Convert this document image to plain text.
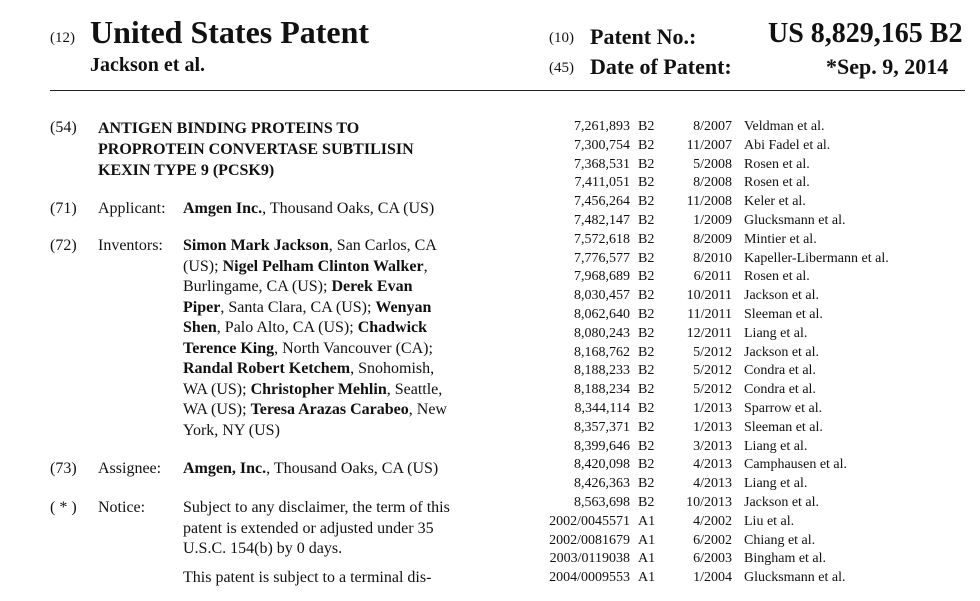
(12) United States Patent
Jackson et al.
(10) Patent No.:	US 8,829,165 B2
(45) Date of Patent:	*Sep. 9, 2014
(54) ANTIGEN BINDING PROTEINS TO
PROPROTEIN CONVERTASE SUBTILISIN
KEXIN TYPE 9 (PCSK9)
(71) Applicant: Amgen Inc., Thousand Oaks, CA (US)
(72) Inventors: Simon Mark Jackson, San Carlos, CA
(US); Nigel Pelham Clinton Walker,
Burlingame, CA (US); Derek Evan
Piper, Santa Clara, CA (US); Wenyan
Shen, Palo Alto, CA (US); Chadwick
Terence King, North Vancouver (CA);
Randal Robert Ketchem, Snohomish,
WA (US); Christopher Mehlin, Seattle,
WA (US); Teresa Arazas Carabeo, New
York, NY (US)
(73) Assignee: Amgen, Inc., Thousand Oaks, CA (US)
( * ) Notice: Subject to any disclaimer, the term of this
patent is extended or adjusted under 35
U.S.C. 154(b) by 0 days.
This patent is subject to a terminal dis-
7,261,893 B2	8/2007 Veldman et al.
7,300,754 B2	11/2007 Abi Fadel et al.
7,368,531 B2	5/2008 Rosen et al.
7,411,051 B2	8/2008 Rosen et al.
7,456,264 B2	11/2008 Keler et al.
7,482,147 B2	1/2009 Glucksmann et al.
7,572,618 B2	8/2009 Mintier et al.
7,776,577 B2	8/2010 Kapeller-Libermann et al.
7,968,689 B2	6/2011 Rosen et al.
8,030,457 B2	10/2011 Jackson et al.
8,062,640 B2	11/2011 Sleeman et al.
8,080,243 B2	12/2011 Liang et al.
8,168,762 B2	5/2012 Jackson et al.
8,188,233 B2	5/2012 Condra et al.
8,188,234 B2	5/2012 Condra et al.
8,344,114 B2	1/2013 Sparrow et al.
8,357,371 B2	1/2013 Sleeman et al.
8,399,646 B2	3/2013 Liang et al.
8,420,098 B2	4/2013 Camphausen et al.
8,426,363 B2	4/2013 Liang et al.
8,563,698 B2	10/2013 Jackson et al.
2002/0045571 A1	4/2002 Liu et al.
2002/0081679 A1	6/2002 Chiang et al.
2003/0119038 A1	6/2003 Bingham et al.
2004/0009553 A1	1/2004 Glucksmann et al.
